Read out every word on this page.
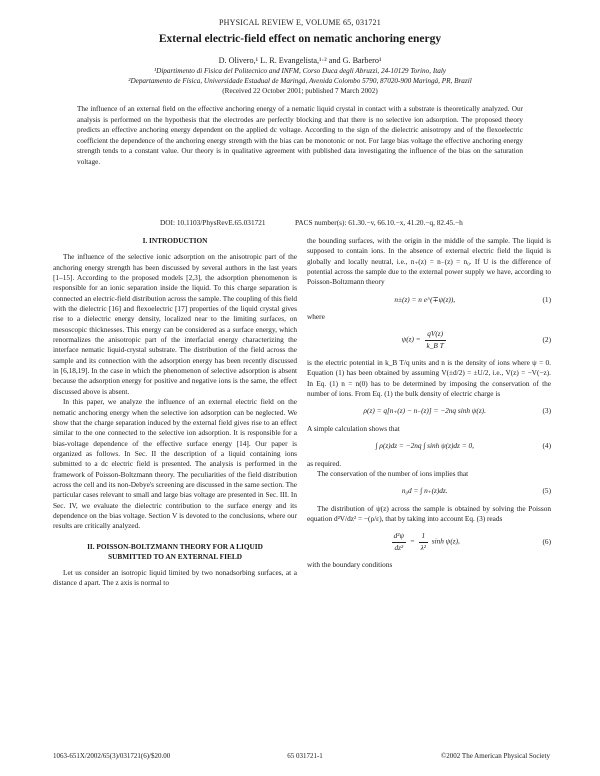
PHYSICAL REVIEW E, VOLUME 65, 031721
External electric-field effect on nematic anchoring energy
D. Olivero,¹ L. R. Evangelista,¹·² and G. Barbero¹
¹Dipartimento di Fisica del Politecnico and INFM, Corso Duca degli Abruzzi, 24-10129 Torino, Italy
²Departamento de Física, Universidade Estadual de Maringá, Avenida Colombo 5790, 87020-900 Maringá, PR, Brazil
(Received 22 October 2001; published 7 March 2002)
The influence of an external field on the effective anchoring energy of a nematic liquid crystal in contact with a substrate is theoretically analyzed. Our analysis is performed on the hypothesis that the electrodes are perfectly blocking and that there is no selective ion adsorption. The proposed theory predicts an effective anchoring energy dependent on the applied dc voltage. According to the sign of the dielectric anisotropy and of the flexoelectric coefficient the dependence of the anchoring energy strength with the bias can be monotonic or not. For large bias voltage the effective anchoring energy strength tends to a constant value. Our theory is in qualitative agreement with published data investigating the influence of the bias on the saturation voltage.
DOI: 10.1103/PhysRevE.65.031721	PACS number(s): 61.30.−v, 66.10.−x, 41.20.−q, 82.45.−h
I. INTRODUCTION

The influence of the selective ionic adsorption on the anisotropic part of the anchoring energy strength has been discussed by several authors in the last years [1–15]. According to the proposed models [2,3], the adsorption phenomenon is responsible for an ionic separation inside the liquid. To this charge separation is connected an electric-field distribution across the sample. The coupling of this field with the dielectric [16] and flexoelectric [17] properties of the liquid crystal gives rise to a dielectric energy density, localized near to the limiting surfaces, on mesoscopic thicknesses. This energy can be considered as a surface energy, which renormalizes the anisotropic part of the interfacial energy characterizing the interface nematic liquid-crystal substrate. The distribution of the field across the sample and its connection with the adsorption energy has been recently discussed in [6,18,19]. In the case in which the phenomenon of selective adsorption is absent because the adsorption energy for positive and negative ions is the same, the effect discussed above is absent.

In this paper, we analyze the influence of an external electric field on the nematic anchoring energy when the selective ion adsorption can be neglected. We show that the charge separation induced by the external field gives rise to an effect similar to the one connected to the selective ion adsorption. It is responsible for a bias-voltage dependence of the effective surface energy [14]. Our paper is organized as follows. In Sec. II the description of a liquid containing ions submitted to a dc electric field is presented. The analysis is performed in the framework of Poisson-Boltzmann theory. The peculiarities of the field distribution across the cell and its non-Debye's screening are discussed in the same section. The particular cases relevant to small and large bias voltage are presented in Sec. III. In Sec. IV, we evaluate the dielectric contribution to the surface energy and its dependence on the bias voltage. Section V is devoted to the conclusions, where our results are critically analyzed.

II. POISSON-BOLTZMANN THEORY FOR A LIQUID
SUBMITTED TO AN EXTERNAL FIELD

Let us consider an isotropic liquid limited by two nonadsorbing surfaces, at a distance d apart. The z axis is normal to

the bounding surfaces, with the origin in the middle of the sample. The liquid is supposed to contain ions. In the absence of external electric field the liquid is globally and locally neutral, i.e., n₊(z) = n₋(z) = n₀. If U is the difference of potential across the sample due to the external power supply we have, according to Poisson-Boltzmann theory

n±(z) = n e^(∓ψ(z)),	(1)

where

$\psi(z) = \frac{qV(z)}{\text{k\_B T}}$	(2)

is the electric potential in k_B T/q units and n is the density of ions where ψ = 0. Equation (1) has been obtained by assuming V(±d/2) = ±U/2, i.e., V(z) = −V(−z). In Eq. (1) n = n(0) has to be determined by imposing the conservation of the number of ions. From Eq. (1) the bulk density of electric charge is

ρ(z) = q[n₊(z) − n₋(z)] = −2nq sinh ψ(z).	(3)

A simple calculation shows that

∫ ρ(z)dz = −2nq ∫ sinh ψ(z)dz = 0,	(4)

as required.

The conservation of the number of ions implies that

n₀d = ∫ n₊(z)dz.	(5)

The distribution of ψ(z) across the sample is obtained by solving the Poisson equation d²V/dz² = −(ρ/ε), that by taking into account Eq. (3) reads

$\frac{\text{d²ψ}}{\text{dz²}} = \frac{1}{\text{λ²}}$ sinh ψ(z),	(6)

with the boundary conditions

1063-651X/2002/65(3)/031721(6)/$20.00	65 031721-1	©2002 The American Physical Society
